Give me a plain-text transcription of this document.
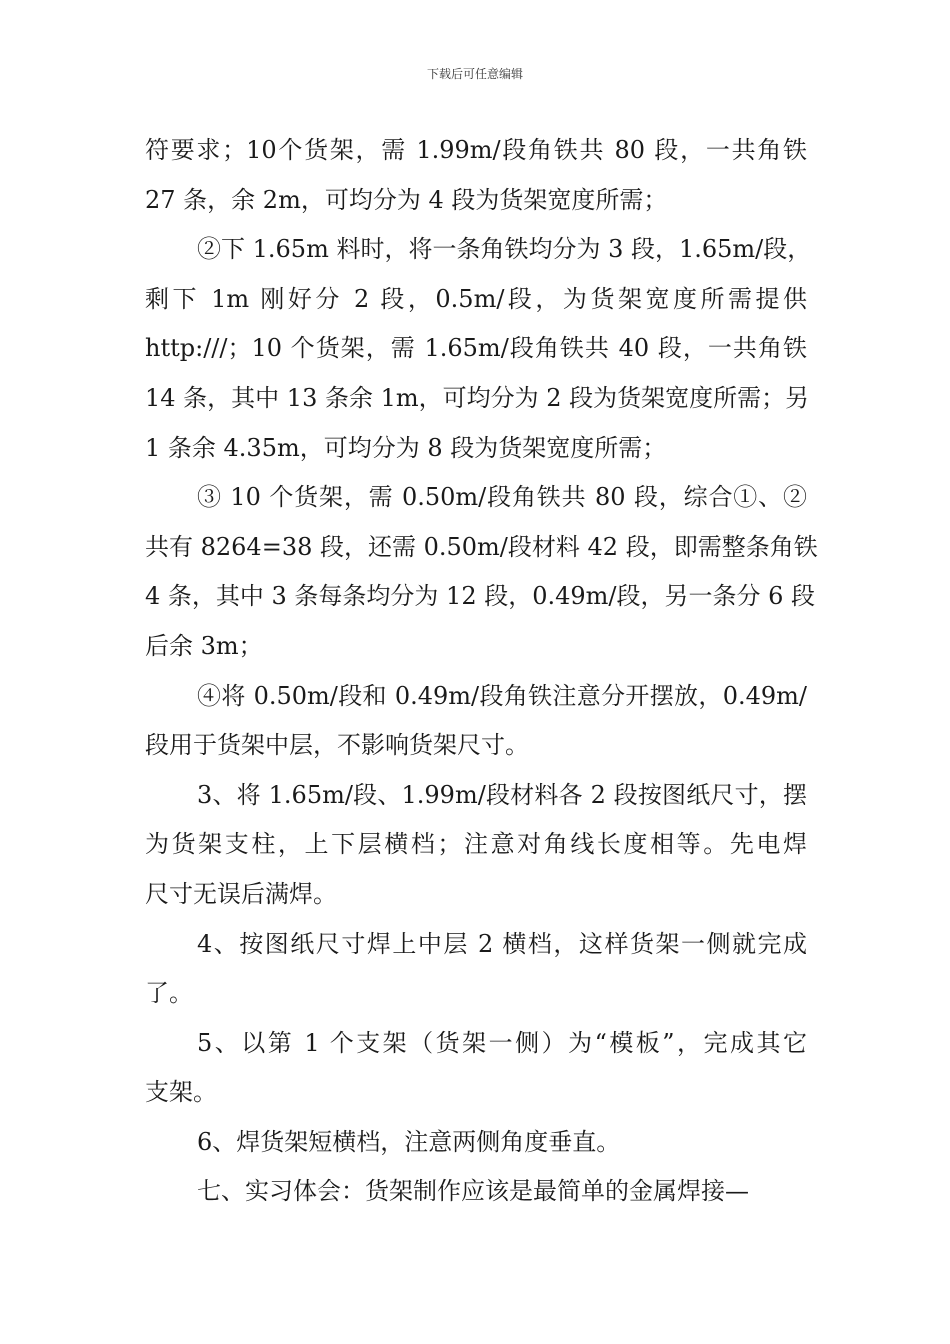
下载后可任意编辑

符要求；10个货架，需 1.99m/段角铁共 80 段，一共角铁
27 条，余 2m，可均分为 4 段为货架宽度所需；

②下 1.65m 料时，将一条角铁均分为 3 段，1.65m/段，
剩下 1m 刚好分 2 段，0.5m/段，为货架宽度所需提供
http:///；10 个货架，需 1.65m/段角铁共 40 段，一共角铁
14 条，其中 13 条余 1m，可均分为 2 段为货架宽度所需；另
1 条余 4.35m，可均分为 8 段为货架宽度所需；

③ 10 个货架，需 0.50m/段角铁共 80 段，综合①、②
共有 8264=38 段，还需 0.50m/段材料 42 段，即需整条角铁
4 条，其中 3 条每条均分为 12 段，0.49m/段，另一条分 6 段
后余 3m；

④将 0.50m/段和 0.49m/段角铁注意分开摆放，0.49m/
段用于货架中层，不影响货架尺寸。

3、将 1.65m/段、1.99m/段材料各 2 段按图纸尺寸，摆
为货架支柱，上下层横档；注意对角线长度相等。先电焊
尺寸无误后满焊。

4、按图纸尺寸焊上中层 2 横档，这样货架一侧就完成
了。

5、以第 1 个支架（货架一侧）为“模板”，完成其它
支架。

6、焊货架短横档，注意两侧角度垂直。

七、实习体会：货架制作应该是最简单的金属焊接—
